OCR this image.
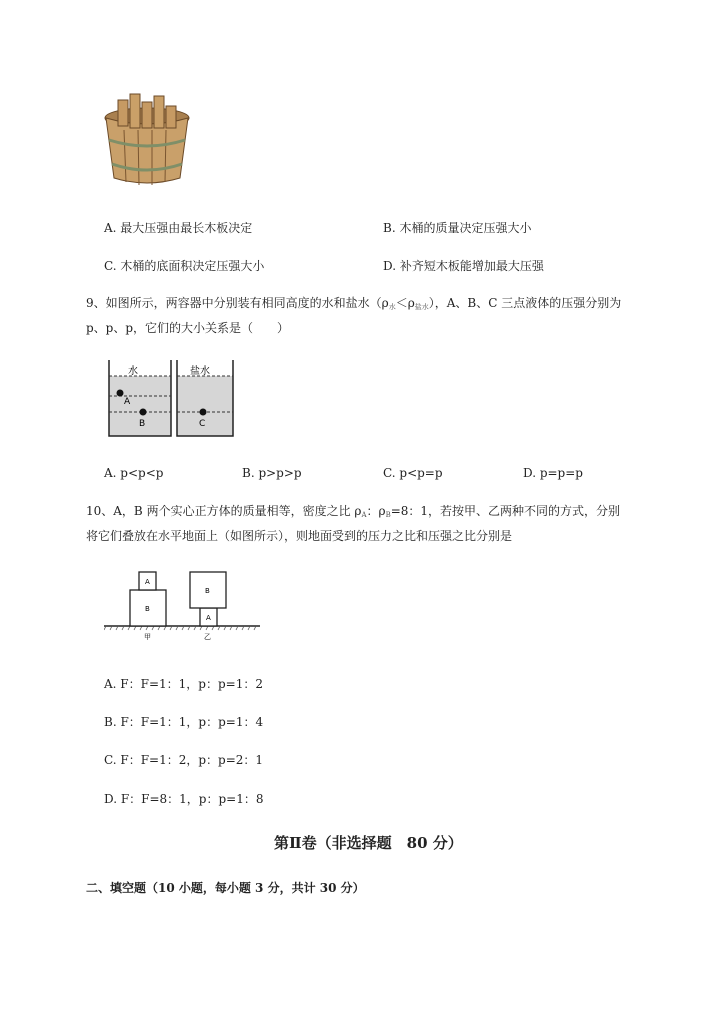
A. 最大压强由最长木板决定	B. 木桶的质量决定压强大小
C. 木桶的底面积决定压强大小	D. 补齐短木板能增加最大压强
9、如图所示，两容器中分别装有相同高度的水和盐水$(\rho_水<\rho_{盐水})$，A、B、C 三点液体的压强分别为
p、p、p，它们的大小关系是（　　）
水	盐水
A
B	C
A. p<p<p	B. p>p>p	C. p<p=p	D. p=p=p
10、A，B 两个实心正方体的质量相等，密度之比 $\rho_A$：$\rho_B=8$：1，若按甲、乙两种不同的方式，分别
将它们叠放在水平地面上（如图所示），则地面受到的压力之比和压强之比分别是
B
A
甲
A
B
乙
A. F：F=1：1，p：p=1：2
B. F：F=1：1，p：p=1：4
C. F：F=1：2，p：p=2：1
D. F：F=8：1，p：p=1：8
第Ⅱ卷（非选择题　80 分）
二、填空题（10 小题，每小题 3 分，共计 30 分）
